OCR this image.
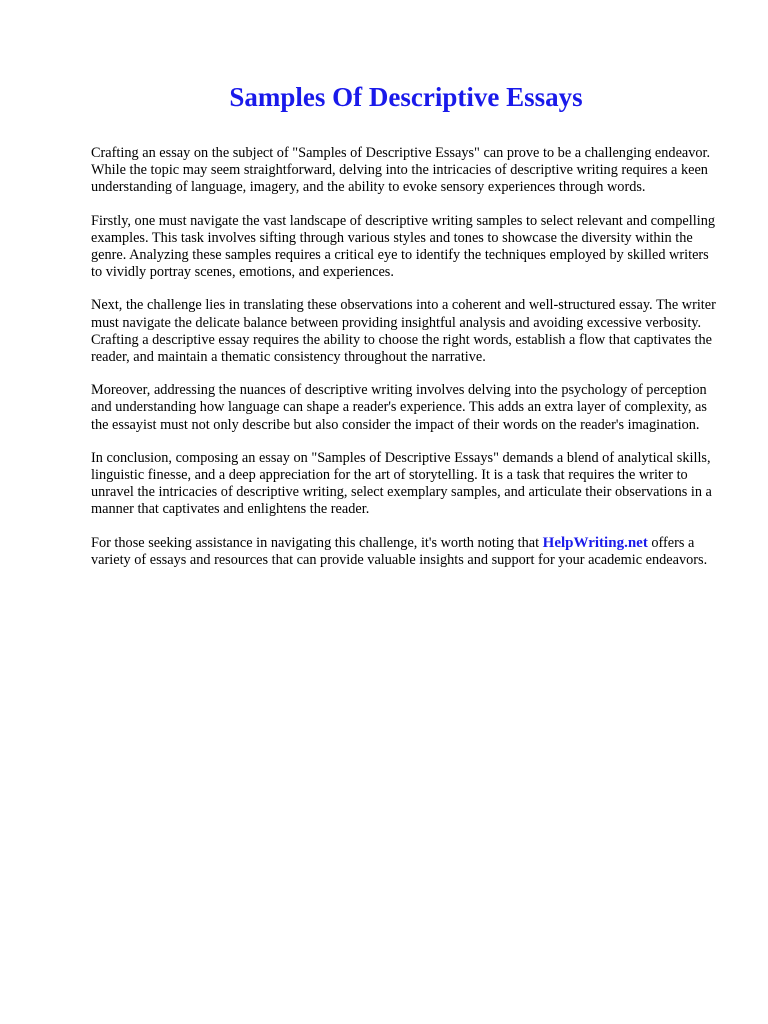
Samples Of Descriptive Essays

Crafting an essay on the subject of "Samples of Descriptive Essays" can prove to be a challenging endeavor. While the topic may seem straightforward, delving into the intricacies of descriptive writing requires a keen understanding of language, imagery, and the ability to evoke sensory experiences through words.

Firstly, one must navigate the vast landscape of descriptive writing samples to select relevant and compelling examples. This task involves sifting through various styles and tones to showcase the diversity within the genre. Analyzing these samples requires a critical eye to identify the techniques employed by skilled writers to vividly portray scenes, emotions, and experiences.

Next, the challenge lies in translating these observations into a coherent and well-structured essay. The writer must navigate the delicate balance between providing insightful analysis and avoiding excessive verbosity. Crafting a descriptive essay requires the ability to choose the right words, establish a flow that captivates the reader, and maintain a thematic consistency throughout the narrative.

Moreover, addressing the nuances of descriptive writing involves delving into the psychology of perception and understanding how language can shape a reader's experience. This adds an extra layer of complexity, as the essayist must not only describe but also consider the impact of their words on the reader's imagination.

In conclusion, composing an essay on "Samples of Descriptive Essays" demands a blend of analytical skills, linguistic finesse, and a deep appreciation for the art of storytelling. It is a task that requires the writer to unravel the intricacies of descriptive writing, select exemplary samples, and articulate their observations in a manner that captivates and enlightens the reader.

For those seeking assistance in navigating this challenge, it's worth noting that HelpWriting.net offers a variety of essays and resources that can provide valuable insights and support for your academic endeavors.
